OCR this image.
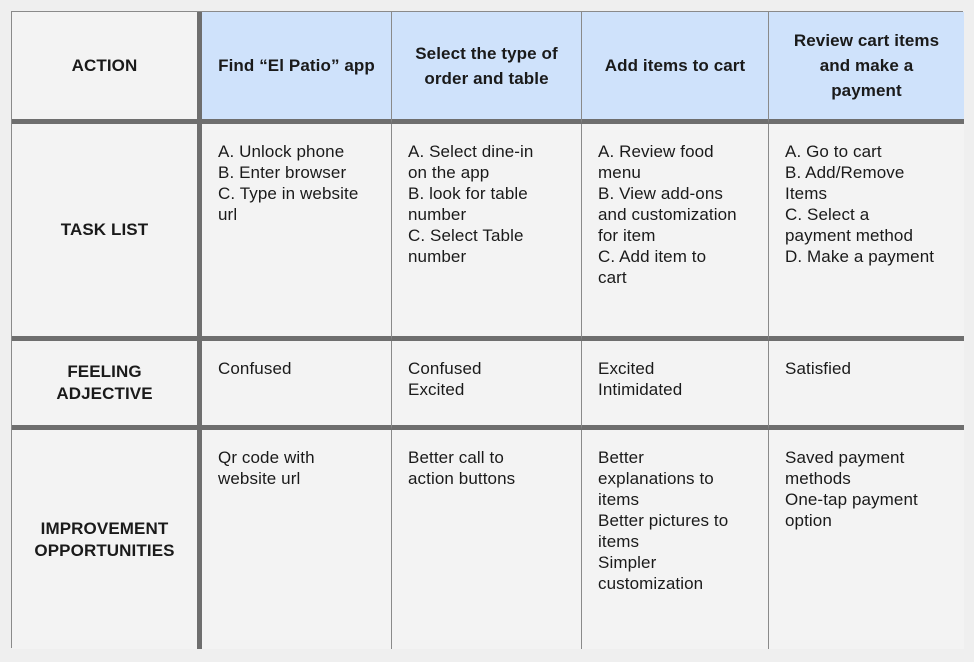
ACTION	Find “El Patio” app
Select the type of order and table
Add items to cart
Review cart items and make a payment
TASK LIST
A. Unlock phone
B. Enter browser
C. Type in website
url
A. Select dine-in
on the app
B. look for table
number
C. Select Table
number
A. Review food
menu
B. View add-ons
and customization
for item
C. Add item to
cart
A. Go to cart
B. Add/Remove
Items
C. Select a
payment method
D. Make a payment
FEELING ADJECTIVE
Confused	Confused
Excited
Excited
Intimidated
Satisfied
IMPROVEMENT OPPORTUNITIES
Qr code with
website url
Better call to
action buttons
Better
explanations to
items
Better pictures to
items
Simpler
customization
Saved payment
methods
One-tap payment
option
